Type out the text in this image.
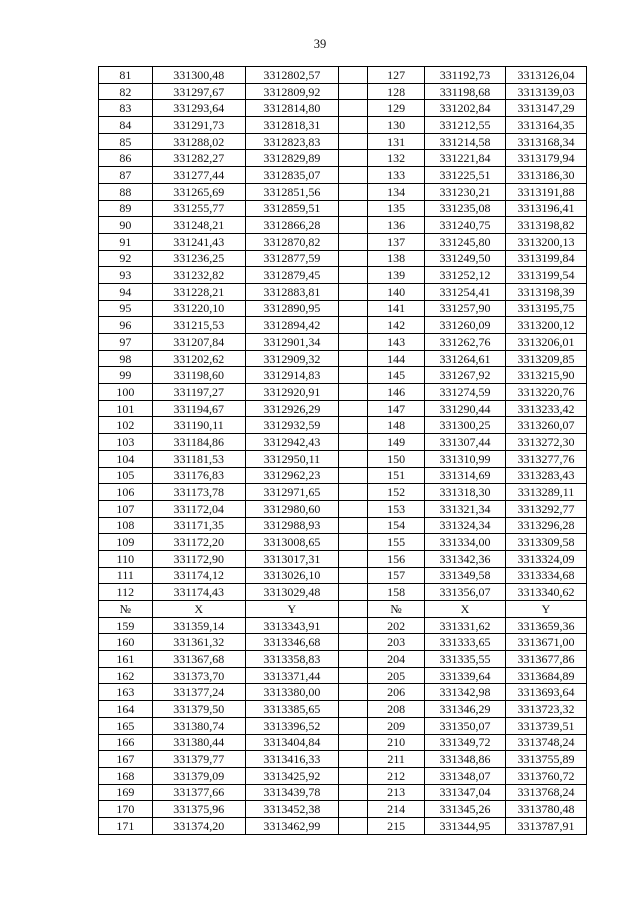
39
81	331300,48	3312802,57		127	331192,73	3313126,04
82	331297,67	3312809,92		128	331198,68	3313139,03
83	331293,64	3312814,80		129	331202,84	3313147,29
84	331291,73	3312818,31		130	331212,55	3313164,35
85	331288,02	3312823,83		131	331214,58	3313168,34
86	331282,27	3312829,89		132	331221,84	3313179,94
87	331277,44	3312835,07		133	331225,51	3313186,30
88	331265,69	3312851,56		134	331230,21	3313191,88
89	331255,77	3312859,51		135	331235,08	3313196,41
90	331248,21	3312866,28		136	331240,75	3313198,82
91	331241,43	3312870,82		137	331245,80	3313200,13
92	331236,25	3312877,59		138	331249,50	3313199,84
93	331232,82	3312879,45		139	331252,12	3313199,54
94	331228,21	3312883,81		140	331254,41	3313198,39
95	331220,10	3312890,95		141	331257,90	3313195,75
96	331215,53	3312894,42		142	331260,09	3313200,12
97	331207,84	3312901,34		143	331262,76	3313206,01
98	331202,62	3312909,32		144	331264,61	3313209,85
99	331198,60	3312914,83		145	331267,92	3313215,90
100	331197,27	3312920,91		146	331274,59	3313220,76
101	331194,67	3312926,29		147	331290,44	3313233,42
102	331190,11	3312932,59		148	331300,25	3313260,07
103	331184,86	3312942,43		149	331307,44	3313272,30
104	331181,53	3312950,11		150	331310,99	3313277,76
105	331176,83	3312962,23		151	331314,69	3313283,43
106	331173,78	3312971,65		152	331318,30	3313289,11
107	331172,04	3312980,60		153	331321,34	3313292,77
108	331171,35	3312988,93		154	331324,34	3313296,28
109	331172,20	3313008,65		155	331334,00	3313309,58
110	331172,90	3313017,31		156	331342,36	3313324,09
111	331174,12	3313026,10		157	331349,58	3313334,68
112	331174,43	3313029,48		158	331356,07	3313340,62
№	X	Y		№	X	Y
159	331359,14	3313343,91		202	331331,62	3313659,36
160	331361,32	3313346,68		203	331333,65	3313671,00
161	331367,68	3313358,83		204	331335,55	3313677,86
162	331373,70	3313371,44		205	331339,64	3313684,89
163	331377,24	3313380,00		206	331342,98	3313693,64
164	331379,50	3313385,65		208	331346,29	3313723,32
165	331380,74	3313396,52		209	331350,07	3313739,51
166	331380,44	3313404,84		210	331349,72	3313748,24
167	331379,77	3313416,33		211	331348,86	3313755,89
168	331379,09	3313425,92		212	331348,07	3313760,72
169	331377,66	3313439,78		213	331347,04	3313768,24
170	331375,96	3313452,38		214	331345,26	3313780,48
171	331374,20	3313462,99		215	331344,95	3313787,91
